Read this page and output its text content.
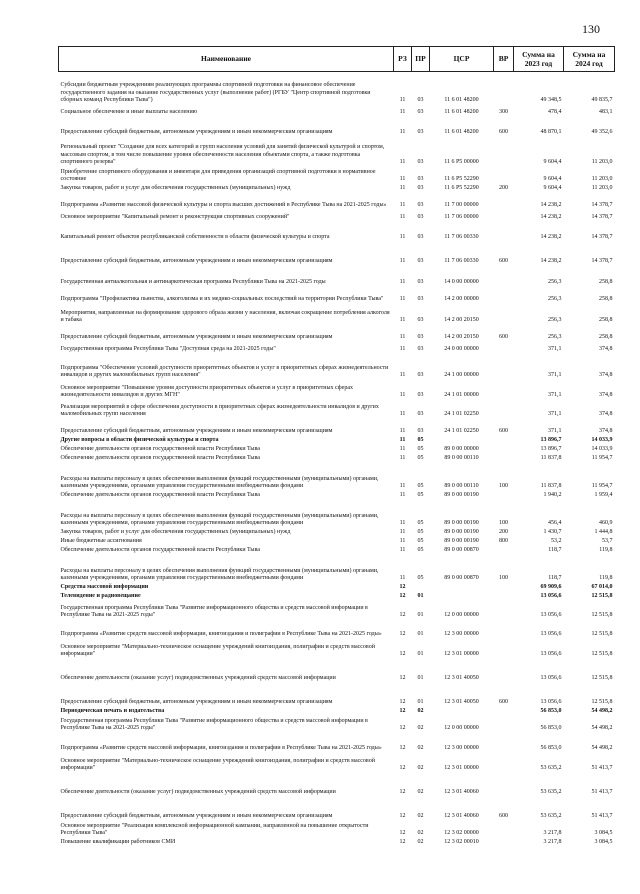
130
Наименование	РЗ	ПР	ЦСР	ВР	Сумма на 2023 год	Сумма на 2024 год
Субсидии бюджетным учреждениям реализующих программы спортивной подготовки на финансовое обеспечение государственного задания на оказание государственных услуг (выполнение работ) (РГБУ "Центр спортивной подготовки сборных команд Республики Тыва")	11	03	11 6 01 48200		49 348,5	49 835,7
Социальное обеспечение и иные выплаты населению	11	03	11 6 01 48200	300	478,4	483,1
Предоставление субсидий бюджетным, автономным учреждениям и иным некоммерческим организациям	11	03	11 6 01 48200	600	48 870,1	49 352,6
Региональный проект "Создание для всех категорий и групп населения условий для занятий физической культурой и спортом, массовым спортом, в том числе повышение уровня обеспеченности населения объектами спорта, а также подготовка спортивного резерва"	11	03	11 6 P5 00000		9 604,4	11 203,0
Приобретение спортивного оборудования и инвентаря для приведения организаций спортивной подготовки в нормативное состояние	11	03	11 6 P5 52290		9 604,4	11 203,0
Закупка товаров, работ и услуг для обеспечения государственных (муниципальных) нужд	11	03	11 6 P5 52290	200	9 604,4	11 203,0
Подпрограмма «Развитие массовой физической культуры и спорта высших достижений в Республике Тыва на 2021-2025 годы»	11	03	11 7 00 00000		14 238,2	14 378,7
Основное мероприятие "Капитальный ремонт и реконструкция спортивных сооружений"	11	03	11 7 06 00000		14 238,2	14 378,7
Капитальный ремонт объектов республиканской собственности в области физической культуры и спорта	11	03	11 7 06 00330		14 238,2	14 378,7
Предоставление субсидий бюджетным, автономным учреждениям и иным некоммерческим организациям	11	03	11 7 06 00330	600	14 238,2	14 378,7
Государственная антиалкогольная и антинаркотическая программа Республики Тыва на 2021-2025 годы	11	03	14 0 00 00000		256,3	258,8
Подпрограмма "Профилактика пьянства, алкоголизма и их медико-социальных последствий на территории Республики Тыва"	11	03	14 2 00 00000		256,3	258,8
Мероприятия, направленные на формирование здорового образа жизни у населения, включая сокращение потребления алкоголя и табака	11	03	14 2 00 20150		256,3	258,8
Предоставление субсидий бюджетным, автономным учреждениям и иным некоммерческим организациям	11	03	14 2 00 20150	600	256,3	258,8
Государственная программа Республики Тыва "Доступная среда на 2021-2025 годы"	11	03	24 0 00 00000		371,1	374,8
Подпрограмма "Обеспечение условий доступности приоритетных объектов и услуг в приоритетных сферах жизнедеятельности инвалидов и других маломобильных групп населения"	11	03	24 1 00 00000		371,1	374,8
Основное мероприятие "Повышение уровня доступности приоритетных объектов и услуг в приоритетных сферах жизнедеятельности инвалидов и других МГН"	11	03	24 1 01 00000		371,1	374,8
Реализация мероприятий в сфере обеспечения доступности в приоритетных сферах жизнедеятельности инвалидов и других маломобильных групп населения	11	03	24 1 01 02250		371,1	374,8
Предоставление субсидий бюджетным, автономным учреждениям и иным некоммерческим организациям	11	03	24 1 01 02250	600	371,1	374,8
Другие вопросы в области физической культуры и спорта	11	05			13 896,7	14 033,9
Обеспечение деятельности органов государственной власти Республики Тыва	11	05	89 0 00 00000		13 896,7	14 033,9
Обеспечение деятельности органов государственной власти Республики Тыва	11	05	89 0 00 00110		11 837,8	11 954,7
Расходы на выплаты персоналу в целях обеспечения выполнения функций государственными (муниципальными) органами, казенными учреждениями, органами управления государственными внебюджетными фондами	11	05	89 0 00 00110	100	11 837,8	11 954,7
Обеспечение деятельности органов государственной власти Республики Тыва	11	05	89 0 00 00190		1 940,2	1 959,4
Расходы на выплаты персоналу в целях обеспечения выполнения функций государственными (муниципальными) органами, казенными учреждениями, органами управления государственными внебюджетными фондами	11	05	89 0 00 00190	100	456,4	460,9
Закупка товаров, работ и услуг для обеспечения государственных (муниципальных) нужд	11	05	89 0 00 00190	200	1 430,7	1 444,8
Иные бюджетные ассигнования	11	05	89 0 00 00190	800	53,2	53,7
Обеспечение деятельности органов государственной власти Республики Тыва	11	05	89 0 00 00870		118,7	119,8
Расходы на выплаты персоналу в целях обеспечения выполнения функций государственными (муниципальными) органами, казенными учреждениями, органами управления государственными внебюджетными фондами	11	05	89 0 00 00870	100	118,7	119,8
Средства массовой информации	12				69 909,6	67 014,0
Телевидение и радиовещание	12	01			13 056,6	12 515,8
Государственная программа Республики Тыва "Развитие информационного общества и средств массовой информации в Республике Тыва на 2021-2025 годы"	12	01	12 0 00 00000		13 056,6	12 515,8
Подпрограмма «Развитие средств массовой информации, книгоиздания и полиграфии в Республике Тыва на 2021-2025 годы»	12	01	12 3 00 00000		13 056,6	12 515,8
Основное мероприятие "Материально-техническое оснащение учреждений книгоиздания, полиграфии и средств массовой информации"	12	01	12 3 01 00000		13 056,6	12 515,8
Обеспечение деятельности (оказание услуг) подведомственных учреждений средств массовой информации	12	01	12 3 01 40050		13 056,6	12 515,8
Предоставление субсидий бюджетным, автономным учреждениям и иным некоммерческим организациям	12	01	12 3 01 40050	600	13 056,6	12 515,8
Периодическая печать и издательства	12	02			56 853,0	54 498,2
Государственная программа Республики Тыва "Развитие информационного общества и средств массовой информации в Республике Тыва на 2021-2025 годы"	12	02	12 0 00 00000		56 853,0	54 498,2
Подпрограмма «Развитие средств массовой информации, книгоиздания и полиграфии в Республике Тыва на 2021-2025 годы»	12	02	12 3 00 00000		56 853,0	54 498,2
Основное мероприятие "Материально-техническое оснащение учреждений книгоиздания, полиграфии и средств массовой информации"	12	02	12 3 01 00000		53 635,2	51 413,7
Обеспечение деятельности (оказание услуг) подведомственных учреждений средств массовой информации	12	02	12 3 01 40060		53 635,2	51 413,7
Предоставление субсидий бюджетным, автономным учреждениям и иным некоммерческим организациям	12	02	12 3 01 40060	600	53 635,2	51 413,7
Основное мероприятие "Реализация комплексной информационной кампании, направленной на повышение открытости Республики Тыва"	12	02	12 3 02 00000		3 217,8	3 084,5
Повышение квалификации работников СМИ	12	02	12 3 02 00010		3 217,8	3 084,5
